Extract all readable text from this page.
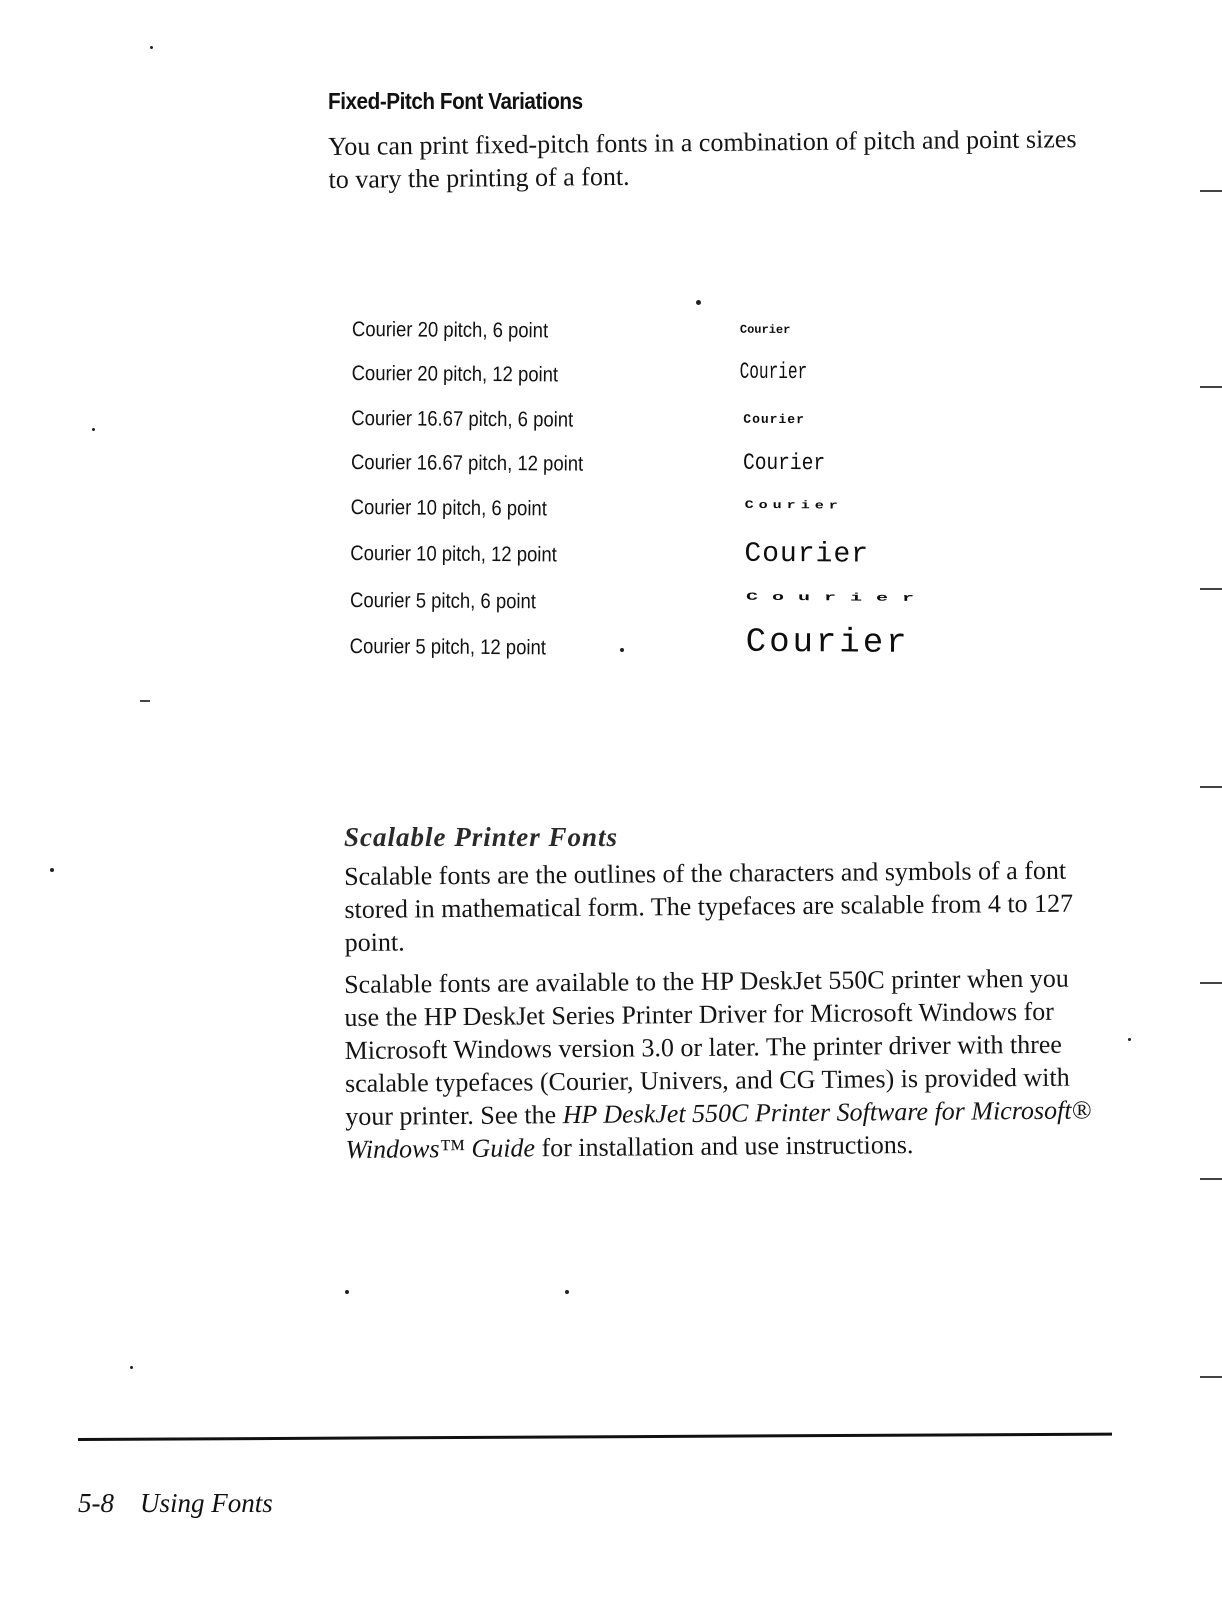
Fixed-Pitch Font Variations

You can print fixed-pitch fonts in a combination of pitch and point sizes to vary the printing of a font.

Courier 20 pitch, 6 point	Courier
Courier 20 pitch, 12 point	Courier
Courier 16.67 pitch, 6 point	Courier
Courier 16.67 pitch, 12 point	Courier
Courier 10 pitch, 6 point	Courier
Courier 10 pitch, 12 point	Courier
Courier 5 pitch, 6 point	Courier
Courier 5 pitch, 12 point	Courier
Scalable Printer Fonts

Scalable fonts are the outlines of the characters and symbols of a font stored in mathematical form. The typefaces are scalable from 4 to 127 point.

Scalable fonts are available to the HP DeskJet 550C printer when you use the HP DeskJet Series Printer Driver for Microsoft Windows for Microsoft Windows version 3.0 or later. The printer driver with three scalable typefaces (Courier, Univers, and CG Times) is provided with your printer. See the HP DeskJet 550C Printer Software for Microsoft® Windows™ Guide for installation and use instructions.

5-8 Using Fonts
